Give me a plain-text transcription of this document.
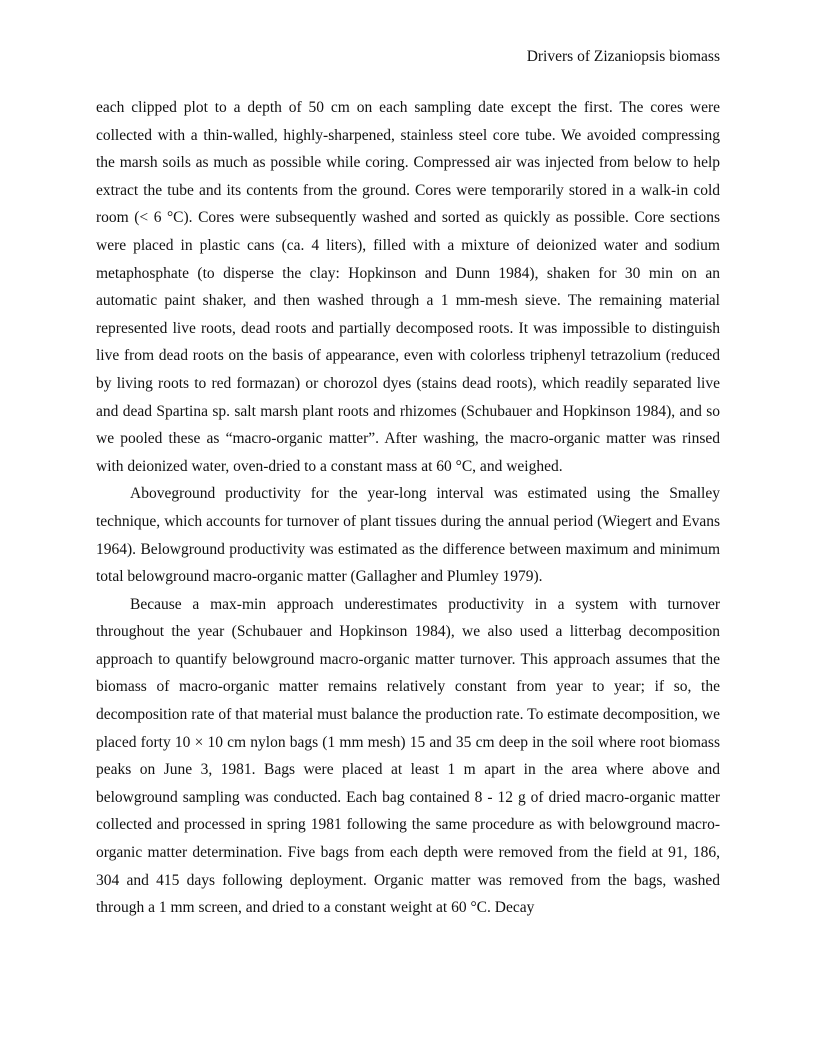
Drivers of Zizaniopsis biomass

each clipped plot to a depth of 50 cm on each sampling date except the first. The cores were collected with a thin-walled, highly-sharpened, stainless steel core tube. We avoided compressing the marsh soils as much as possible while coring. Compressed air was injected from below to help extract the tube and its contents from the ground. Cores were temporarily stored in a walk-in cold room (< 6 °C). Cores were subsequently washed and sorted as quickly as possible. Core sections were placed in plastic cans (ca. 4 liters), filled with a mixture of deionized water and sodium metaphosphate (to disperse the clay: Hopkinson and Dunn 1984), shaken for 30 min on an automatic paint shaker, and then washed through a 1 mm-mesh sieve. The remaining material represented live roots, dead roots and partially decomposed roots. It was impossible to distinguish live from dead roots on the basis of appearance, even with colorless triphenyl tetrazolium (reduced by living roots to red formazan) or chorozol dyes (stains dead roots), which readily separated live and dead Spartina sp. salt marsh plant roots and rhizomes (Schubauer and Hopkinson 1984), and so we pooled these as “macro-organic matter”. After washing, the macro-organic matter was rinsed with deionized water, oven-dried to a constant mass at 60 °C, and weighed.

Aboveground productivity for the year-long interval was estimated using the Smalley technique, which accounts for turnover of plant tissues during the annual period (Wiegert and Evans 1964). Belowground productivity was estimated as the difference between maximum and minimum total belowground macro-organic matter (Gallagher and Plumley 1979).

Because a max-min approach underestimates productivity in a system with turnover throughout the year (Schubauer and Hopkinson 1984), we also used a litterbag decomposition approach to quantify belowground macro-organic matter turnover. This approach assumes that the biomass of macro-organic matter remains relatively constant from year to year; if so, the decomposition rate of that material must balance the production rate. To estimate decomposition, we placed forty 10 × 10 cm nylon bags (1 mm mesh) 15 and 35 cm deep in the soil where root biomass peaks on June 3, 1981. Bags were placed at least 1 m apart in the area where above and belowground sampling was conducted. Each bag contained 8 - 12 g of dried macro-organic matter collected and processed in spring 1981 following the same procedure as with belowground macro-organic matter determination. Five bags from each depth were removed from the field at 91, 186, 304 and 415 days following deployment. Organic matter was removed from the bags, washed through a 1 mm screen, and dried to a constant weight at 60 °C. Decay
